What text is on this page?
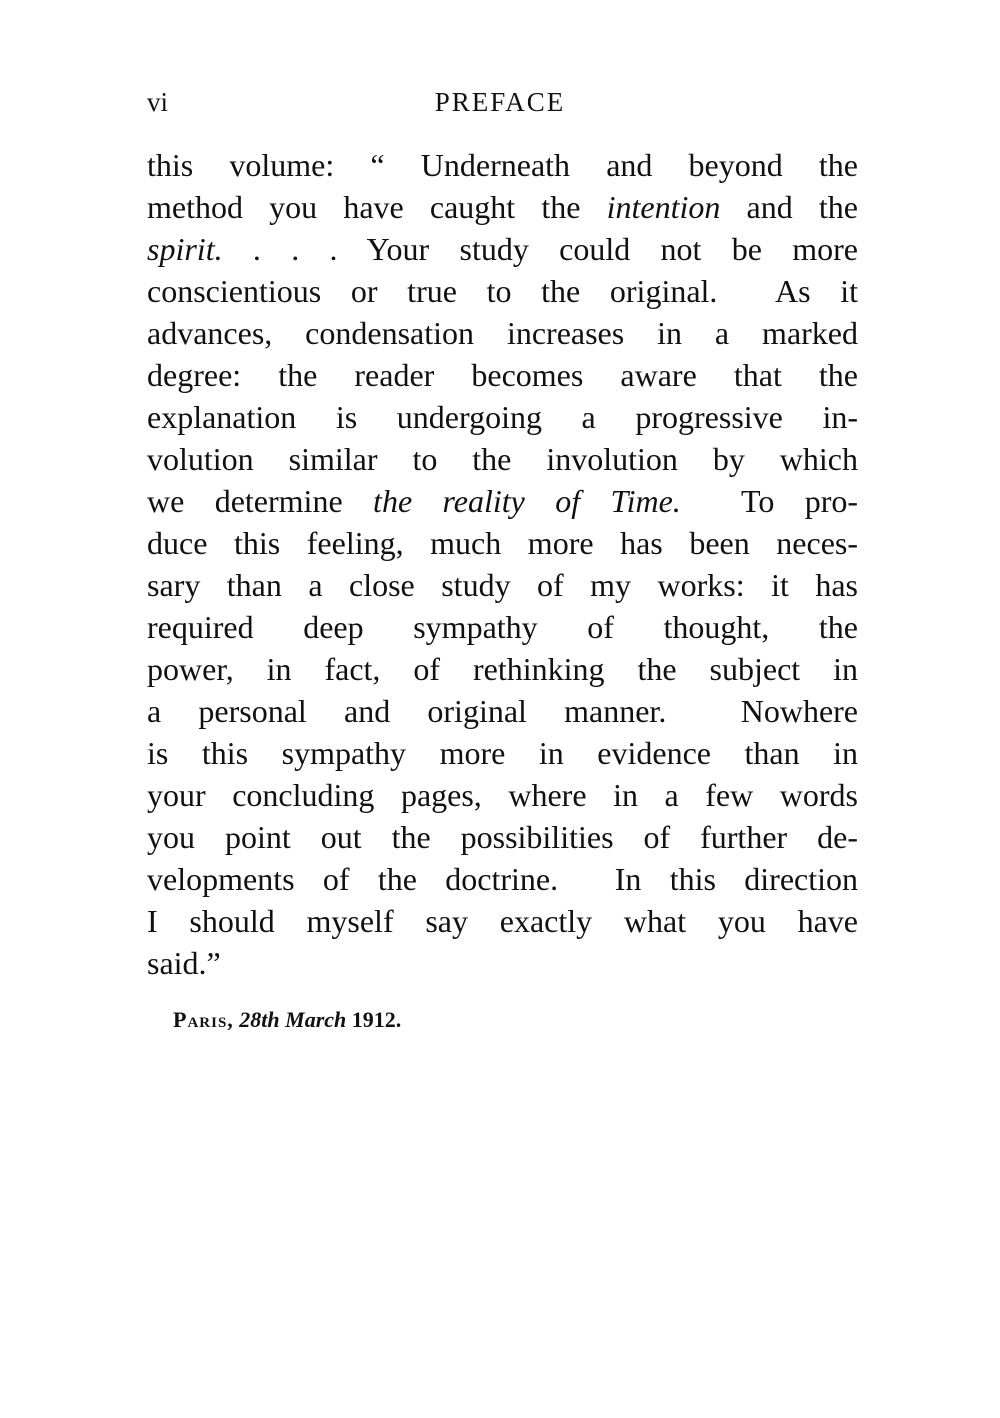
vi	PREFACE
this volume: “ Underneath and beyond the
method you have caught the intention and the
spirit. . . . Your study could not be more
conscientious or true to the original.  As it
advances, condensation increases in a marked
degree: the reader becomes aware that the
explanation is undergoing a progressive in-
volution similar to the involution by which
we determine the reality of Time.  To pro-
duce this feeling, much more has been neces-
sary than a close study of my works: it has
required deep sympathy of thought, the
power, in fact, of rethinking the subject in
a personal and original manner.  Nowhere
is this sympathy more in evidence than in
your concluding pages, where in a few words
you point out the possibilities of further de-
velopments of the doctrine.  In this direction
I should myself say exactly what you have
said.”
Paris, 28th March 1912.
